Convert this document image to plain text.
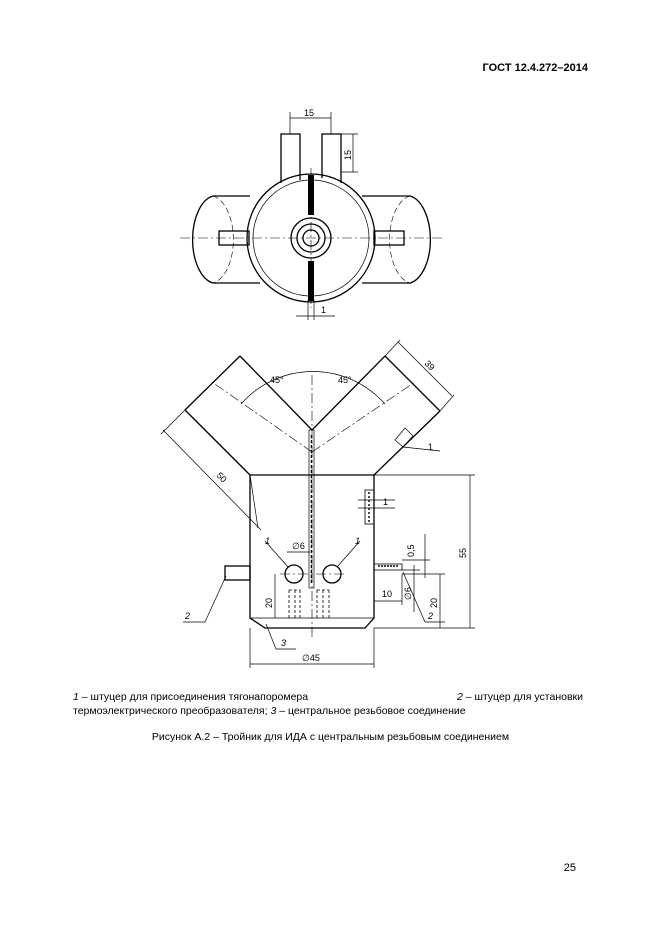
ГОСТ 12.4.272–2014
15
15
1
45°	45°
1
1
50
39
55
0,5
∅6
20
10
20
∅6
∅45
1	1
2	2
3
1 – штуцер для присоединения тягонапоромера	2 – штуцер для установки
термоэлектрического преобразователя; 3 – центральное резьбовое соединение
Рисунок А.2 – Тройник для ИДА с центральным резьбовым соединением
25
